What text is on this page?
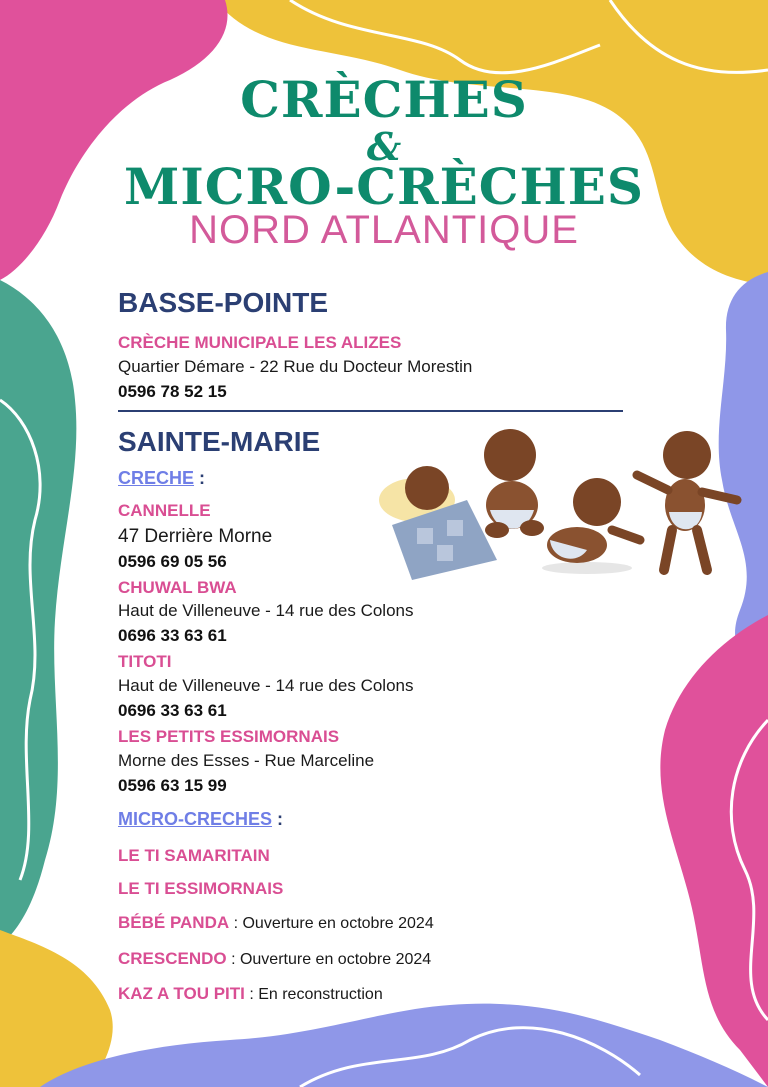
CRÈCHES
&
MICRO-CRÈCHES
NORD ATLANTIQUE
BASSE-POINTE
CRÈCHE MUNICIPALE LES ALIZES
Quartier Démare - 22 Rue du Docteur Morestin
0596 78 52 15
SAINTE-MARIE
CRECHE :
CANNELLE
47 Derrière Morne
0596 69 05 56
CHUWAL BWA
Haut de Villeneuve - 14 rue des Colons
0696 33 63 61
TITOTI
Haut de Villeneuve - 14 rue des Colons
0696 33 63 61
LES PETITS ESSIMORNAIS
Morne des Esses - Rue Marceline
0596 63 15 99
MICRO-CRECHES :
LE TI SAMARITAIN
LE TI ESSIMORNAIS
BÉBÉ PANDA : Ouverture en octobre 2024
CRESCENDO : Ouverture en octobre 2024
KAZ A TOU PITI : En reconstruction
